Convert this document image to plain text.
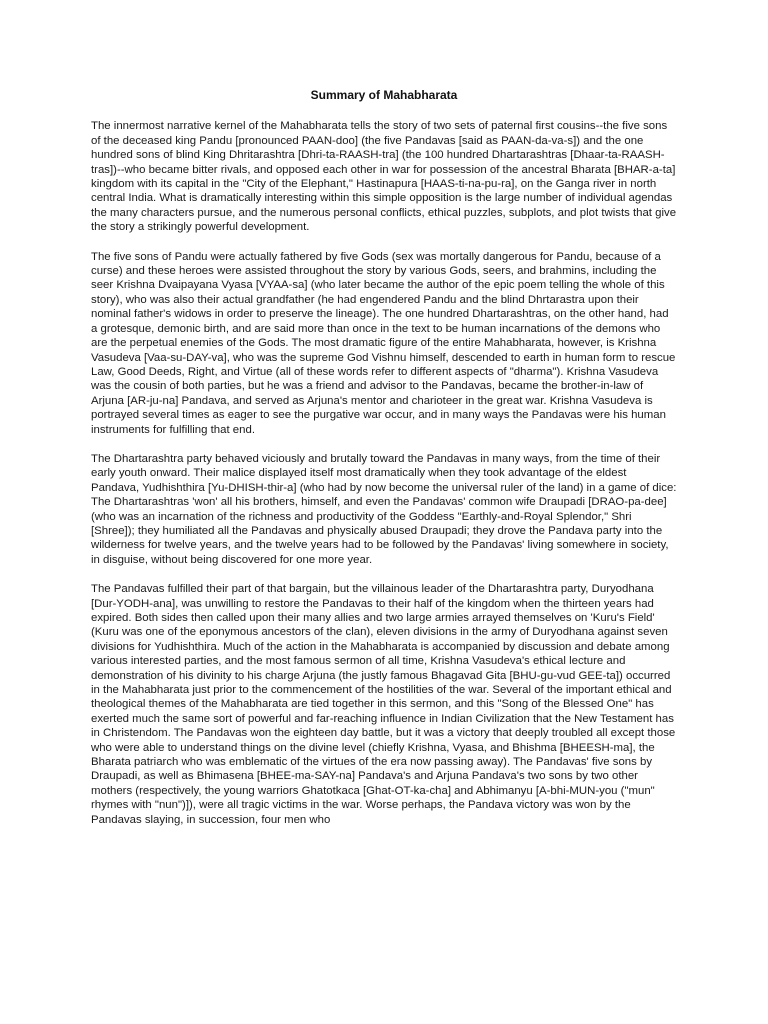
Summary of Mahabharata

The innermost narrative kernel of the Mahabharata tells the story of two sets of paternal first cousins--the five sons of the deceased king Pandu [pronounced PAAN-doo] (the five Pandavas [said as PAAN-da-va-s]) and the one hundred sons of blind King Dhritarashtra [Dhri-ta-RAASH-tra] (the 100 hundred Dhartarashtras [Dhaar-ta-RAASH-tras])--who became bitter rivals, and opposed each other in war for possession of the ancestral Bharata [BHAR-a-ta] kingdom with its capital in the "City of the Elephant," Hastinapura [HAAS-ti-na-pu-ra], on the Ganga river in north central India. What is dramatically interesting within this simple opposition is the large number of individual agendas the many characters pursue, and the numerous personal conflicts, ethical puzzles, subplots, and plot twists that give the story a strikingly powerful development.

The five sons of Pandu were actually fathered by five Gods (sex was mortally dangerous for Pandu, because of a curse) and these heroes were assisted throughout the story by various Gods, seers, and brahmins, including the seer Krishna Dvaipayana Vyasa [VYAA-sa] (who later became the author of the epic poem telling the whole of this story), who was also their actual grandfather (he had engendered Pandu and the blind Dhrtarastra upon their nominal father's widows in order to preserve the lineage). The one hundred Dhartarashtras, on the other hand, had a grotesque, demonic birth, and are said more than once in the text to be human incarnations of the demons who are the perpetual enemies of the Gods. The most dramatic figure of the entire Mahabharata, however, is Krishna Vasudeva [Vaa-su-DAY-va], who was the supreme God Vishnu himself, descended to earth in human form to rescue Law, Good Deeds, Right, and Virtue (all of these words refer to different aspects of "dharma"). Krishna Vasudeva was the cousin of both parties, but he was a friend and advisor to the Pandavas, became the brother-in-law of Arjuna [AR-ju-na] Pandava, and served as Arjuna's mentor and charioteer in the great war. Krishna Vasudeva is portrayed several times as eager to see the purgative war occur, and in many ways the Pandavas were his human instruments for fulfilling that end.

The Dhartarashtra party behaved viciously and brutally toward the Pandavas in many ways, from the time of their early youth onward. Their malice displayed itself most dramatically when they took advantage of the eldest Pandava, Yudhishthira [Yu-DHISH-thir-a] (who had by now become the universal ruler of the land) in a game of dice: The Dhartarashtras 'won' all his brothers, himself, and even the Pandavas' common wife Draupadi [DRAO-pa-dee] (who was an incarnation of the richness and productivity of the Goddess "Earthly-and-Royal Splendor," Shri [Shree]); they humiliated all the Pandavas and physically abused Draupadi; they drove the Pandava party into the wilderness for twelve years, and the twelve years had to be followed by the Pandavas' living somewhere in society, in disguise, without being discovered for one more year.

The Pandavas fulfilled their part of that bargain, but the villainous leader of the Dhartarashtra party, Duryodhana [Dur-YODH-ana], was unwilling to restore the Pandavas to their half of the kingdom when the thirteen years had expired. Both sides then called upon their many allies and two large armies arrayed themselves on 'Kuru's Field' (Kuru was one of the eponymous ancestors of the clan), eleven divisions in the army of Duryodhana against seven divisions for Yudhishthira. Much of the action in the Mahabharata is accompanied by discussion and debate among various interested parties, and the most famous sermon of all time, Krishna Vasudeva's ethical lecture and demonstration of his divinity to his charge Arjuna (the justly famous Bhagavad Gita [BHU-gu-vud GEE-ta]) occurred in the Mahabharata just prior to the commencement of the hostilities of the war. Several of the important ethical and theological themes of the Mahabharata are tied together in this sermon, and this "Song of the Blessed One" has exerted much the same sort of powerful and far-reaching influence in Indian Civilization that the New Testament has in Christendom. The Pandavas won the eighteen day battle, but it was a victory that deeply troubled all except those who were able to understand things on the divine level (chiefly Krishna, Vyasa, and Bhishma [BHEESH-ma], the Bharata patriarch who was emblematic of the virtues of the era now passing away). The Pandavas' five sons by Draupadi, as well as Bhimasena [BHEE-ma-SAY-na] Pandava's and Arjuna Pandava's two sons by two other mothers (respectively, the young warriors Ghatotkaca [Ghat-OT-ka-cha] and Abhimanyu [A-bhi-MUN-you ("mun" rhymes with "nun")]), were all tragic victims in the war. Worse perhaps, the Pandava victory was won by the Pandavas slaying, in succession, four men who
